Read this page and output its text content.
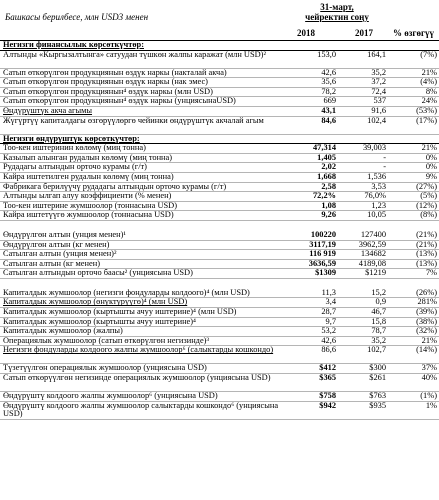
Башкасы берилбесе, млн USD3 менен
31-март, чейректин соңу
2018	2017 % өзгөгүү
Негизги финансылык көрсөткүчтөр:			
Алтынды «Кыргызалтынга» сатуудан түшкөн жалпы каражат (млн USD)²	153,0	164,1	(7%)
Сатып өткөрүлгөн продукциянын өздүк наркы (накталай акча)	42,6	35,2	21%
Сатып өткөрүлгөн продукциянын өздүк наркы (нак эмес)	35,6	37,2	(4%)
Сатып өткөрүлгөн продукциянын⁴ өздүк наркы (млн USD)	78,2	72,4	8%
Сатып өткөрүлгөн продукциянын⁴ өздүк наркы (унциясынаUSD)	669	537	24%
Өндүрүштүк акча агымы	43,1	91,6	(53%)
Жүгүртүү капиталдагы өзгөрүүлөргө чейинки өндүрүштүк акчалай агым	84,6	102,4	(17%)
Негизги өндүрүштүк көрсөткүчтөр:			
Тоо-кен иштеринин көлөмү (миң тонна)	47,314	39,003	21%
Казылып алынган рудалын көлөмү (миң тонна)	1,405	-	0%
Рудадагы алтындын орточо курамы (г/т)	2,02	-	0%
Кайра иштетилген рудалын көлөмү (миң тонна)	1,668	1,536	9%
Фабрикага берилүүчү рудадагы алтындын орточо курамы (г/т)	2,58	3,53	(27%)
Алтынды ылгап алуу коэффициенти (% менен)	72,2%	76,0%	(5%)
Тоо-кен иштерине жумшоолор (тоннасына USD)	1,08	1,23	(12%)
Кайра иштетүүгө жумшоолор (тоннасына USD)	9,26	10,05	(8%)

Өндүрүлгөн алтын (унция менен)¹	100220	127400	(21%)
Өндүрүлгөн алтын (кг менен)	3117,19	3962,59	(21%)
Сатылган алтын (унция менен)²	116 919	134682	(13%)
Сатылган алтын (кг менен)	3636,59	4189,08	(13%)
Сатылган алтындын орточо баасы² (унциясына USD)	$1309	$1219	7%

Капиталдык жумшоолор (негизги фондуларды колдоого)⁴ (млн USD)	11,3	15,2	(26%)
Капиталдык жумшоолор (өнүктүрүүгө)⁴ (млн USD)	3,4	0,9	281%
Капиталдык жумшоолор (кыртышты ачуу иштерине)⁴ (млн USD)	28,7	46,7	(39%)
Капиталдык жумшоолор (кыртышты ачуу иштерине)⁴	9,7	15,8	(38%)
Капиталдык жумшоолор (жалпы)	53,2	78,7	(32%)
Операциялык жумшоолор (сатып өткөрүлгөн негизинде)³	42,6	35,2	21%
Негизги фондуларды колдоого жалпы жумшоолор⁶ (салыктарды кошкондо)	86,6	102,7	(14%)
Түзетүүлгөн операциялык жумшоолор (унциясына USD)	$412	$300	37%
Сатып өткөрүүлгөн негизинде операциялык жумшоолор (унциясына USD)	$365	$261	40%
Өндүрүштү колдоого жалпы жумшоолор⁶ (унциясына USD)	$758	$763	(1%)
Өндүрүштү колдоого жалпы жумшоолор салыктарды кошкондо⁶ (унциясына USD)	$942	$935	1%
